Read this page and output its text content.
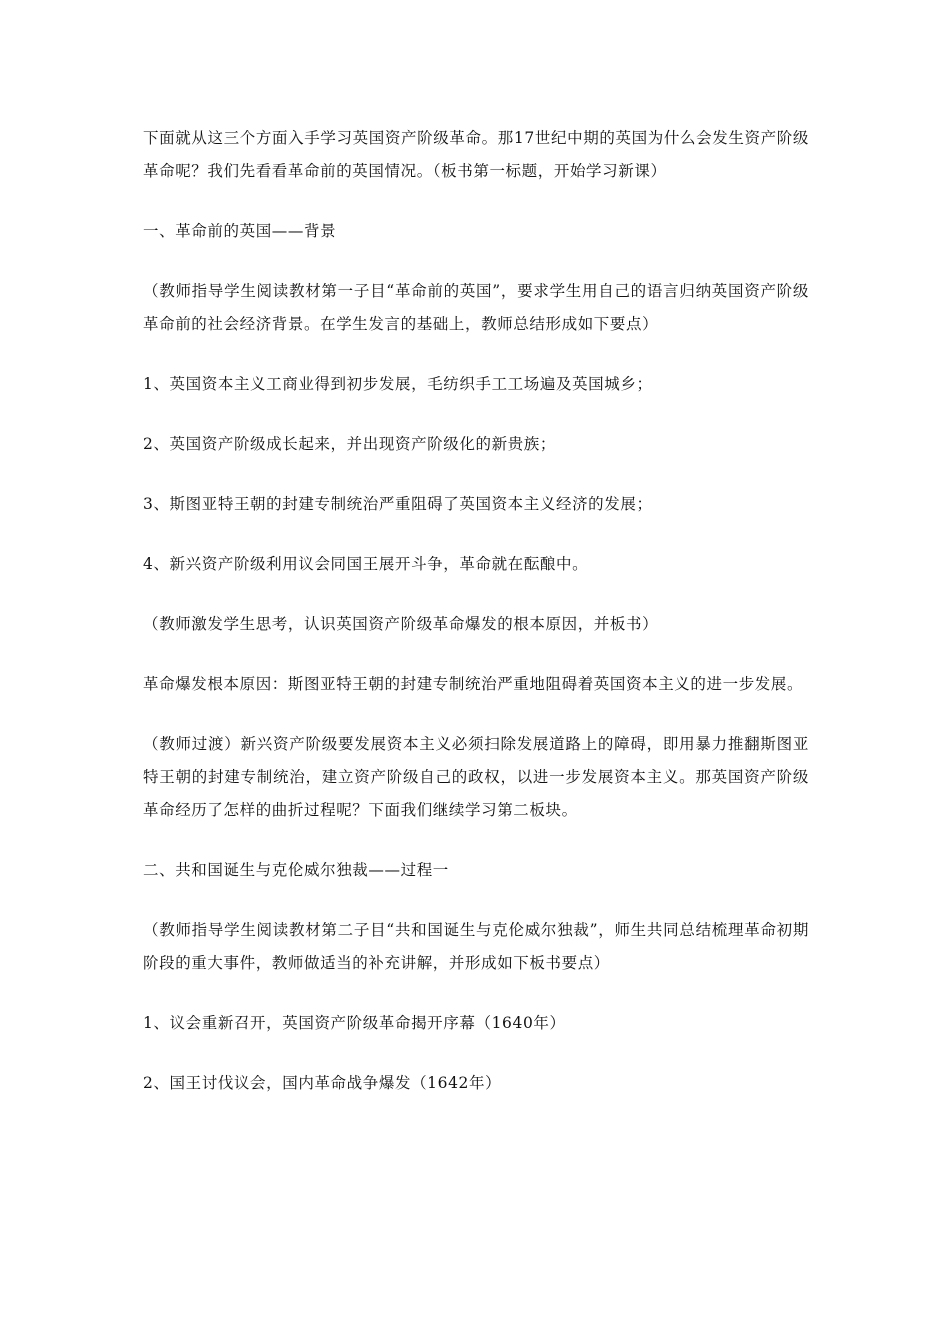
下面就从这三个方面入手学习英国资产阶级革命。那17世纪中期的英国为什么会发生资产阶级革命呢？我们先看看革命前的英国情况。（板书第一标题，开始学习新课）

一、革命前的英国——背景

（教师指导学生阅读教材第一子目“革命前的英国”，要求学生用自己的语言归纳英国资产阶级革命前的社会经济背景。在学生发言的基础上，教师总结形成如下要点）

1、英国资本主义工商业得到初步发展，毛纺织手工工场遍及英国城乡；

2、英国资产阶级成长起来，并出现资产阶级化的新贵族；

3、斯图亚特王朝的封建专制统治严重阻碍了英国资本主义经济的发展；

4、新兴资产阶级利用议会同国王展开斗争，革命就在酝酿中。

（教师激发学生思考，认识英国资产阶级革命爆发的根本原因，并板书）

革命爆发根本原因：斯图亚特王朝的封建专制统治严重地阻碍着英国资本主义的进一步发展。

（教师过渡）新兴资产阶级要发展资本主义必须扫除发展道路上的障碍，即用暴力推翻斯图亚特王朝的封建专制统治，建立资产阶级自己的政权，以进一步发展资本主义。那英国资产阶级革命经历了怎样的曲折过程呢？下面我们继续学习第二板块。

二、共和国诞生与克伦威尔独裁——过程一

（教师指导学生阅读教材第二子目“共和国诞生与克伦威尔独裁”，师生共同总结梳理革命初期阶段的重大事件，教师做适当的补充讲解，并形成如下板书要点）

1、议会重新召开，英国资产阶级革命揭开序幕（1640年）

2、国王讨伐议会，国内革命战争爆发（1642年）
